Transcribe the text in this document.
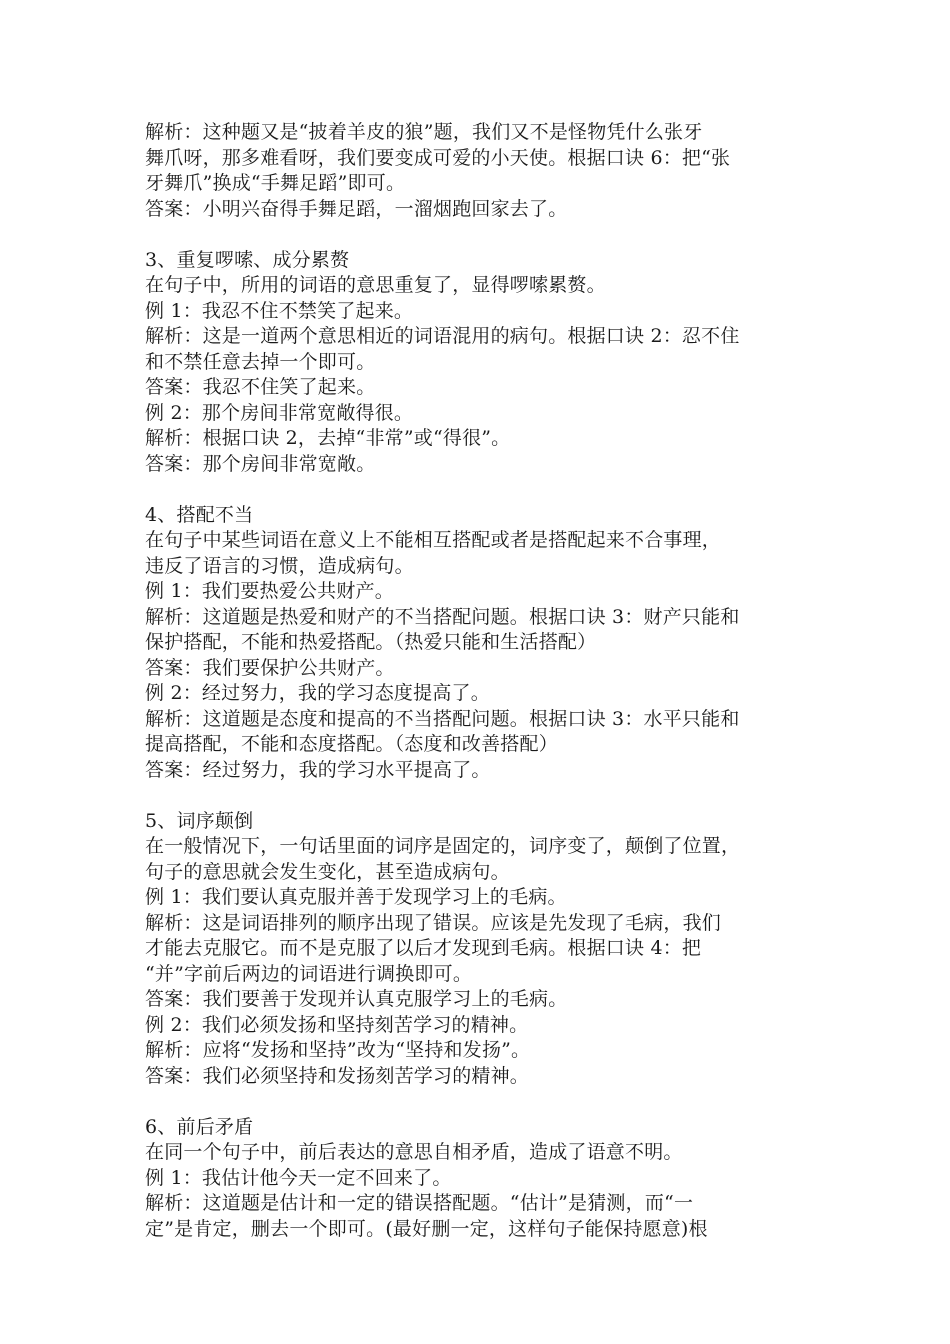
解析：这种题又是“披着羊皮的狼”题，我们又不是怪物凭什么张牙
舞爪呀，那多难看呀，我们要变成可爱的小天使。根据口诀 6：把“张
牙舞爪”换成“手舞足蹈”即可。
答案：小明兴奋得手舞足蹈，一溜烟跑回家去了。
3、重复啰嗦、成分累赘
在句子中，所用的词语的意思重复了，显得啰嗦累赘。
例 1：我忍不住不禁笑了起来。
解析：这是一道两个意思相近的词语混用的病句。根据口诀 2：忍不住
和不禁任意去掉一个即可。
答案：我忍不住笑了起来。
例 2：那个房间非常宽敞得很。
解析：根据口诀 2，去掉“非常”或“得很”。
答案：那个房间非常宽敞。
4、搭配不当
在句子中某些词语在意义上不能相互搭配或者是搭配起来不合事理，
违反了语言的习惯，造成病句。
例 1：我们要热爱公共财产。
解析：这道题是热爱和财产的不当搭配问题。根据口诀 3：财产只能和
保护搭配，不能和热爱搭配。（热爱只能和生活搭配）
答案：我们要保护公共财产。
例 2：经过努力，我的学习态度提高了。
解析：这道题是态度和提高的不当搭配问题。根据口诀 3：水平只能和
提高搭配，不能和态度搭配。（态度和改善搭配）
答案：经过努力，我的学习水平提高了。
5、词序颠倒
在一般情况下，一句话里面的词序是固定的，词序变了，颠倒了位置，
句子的意思就会发生变化，甚至造成病句。
例 1：我们要认真克服并善于发现学习上的毛病。
解析：这是词语排列的顺序出现了错误。应该是先发现了毛病，我们
才能去克服它。而不是克服了以后才发现到毛病。根据口诀 4：把
“并”字前后两边的词语进行调换即可。
答案：我们要善于发现并认真克服学习上的毛病。
例 2：我们必须发扬和坚持刻苦学习的精神。
解析：应将“发扬和坚持”改为“坚持和发扬”。
答案：我们必须坚持和发扬刻苦学习的精神。
6、前后矛盾
在同一个句子中，前后表达的意思自相矛盾，造成了语意不明。
例 1：我估计他今天一定不回来了。
解析：这道题是估计和一定的错误搭配题。“估计”是猜测，而“一
定”是肯定，删去一个即可。(最好删一定，这样句子能保持愿意)根
